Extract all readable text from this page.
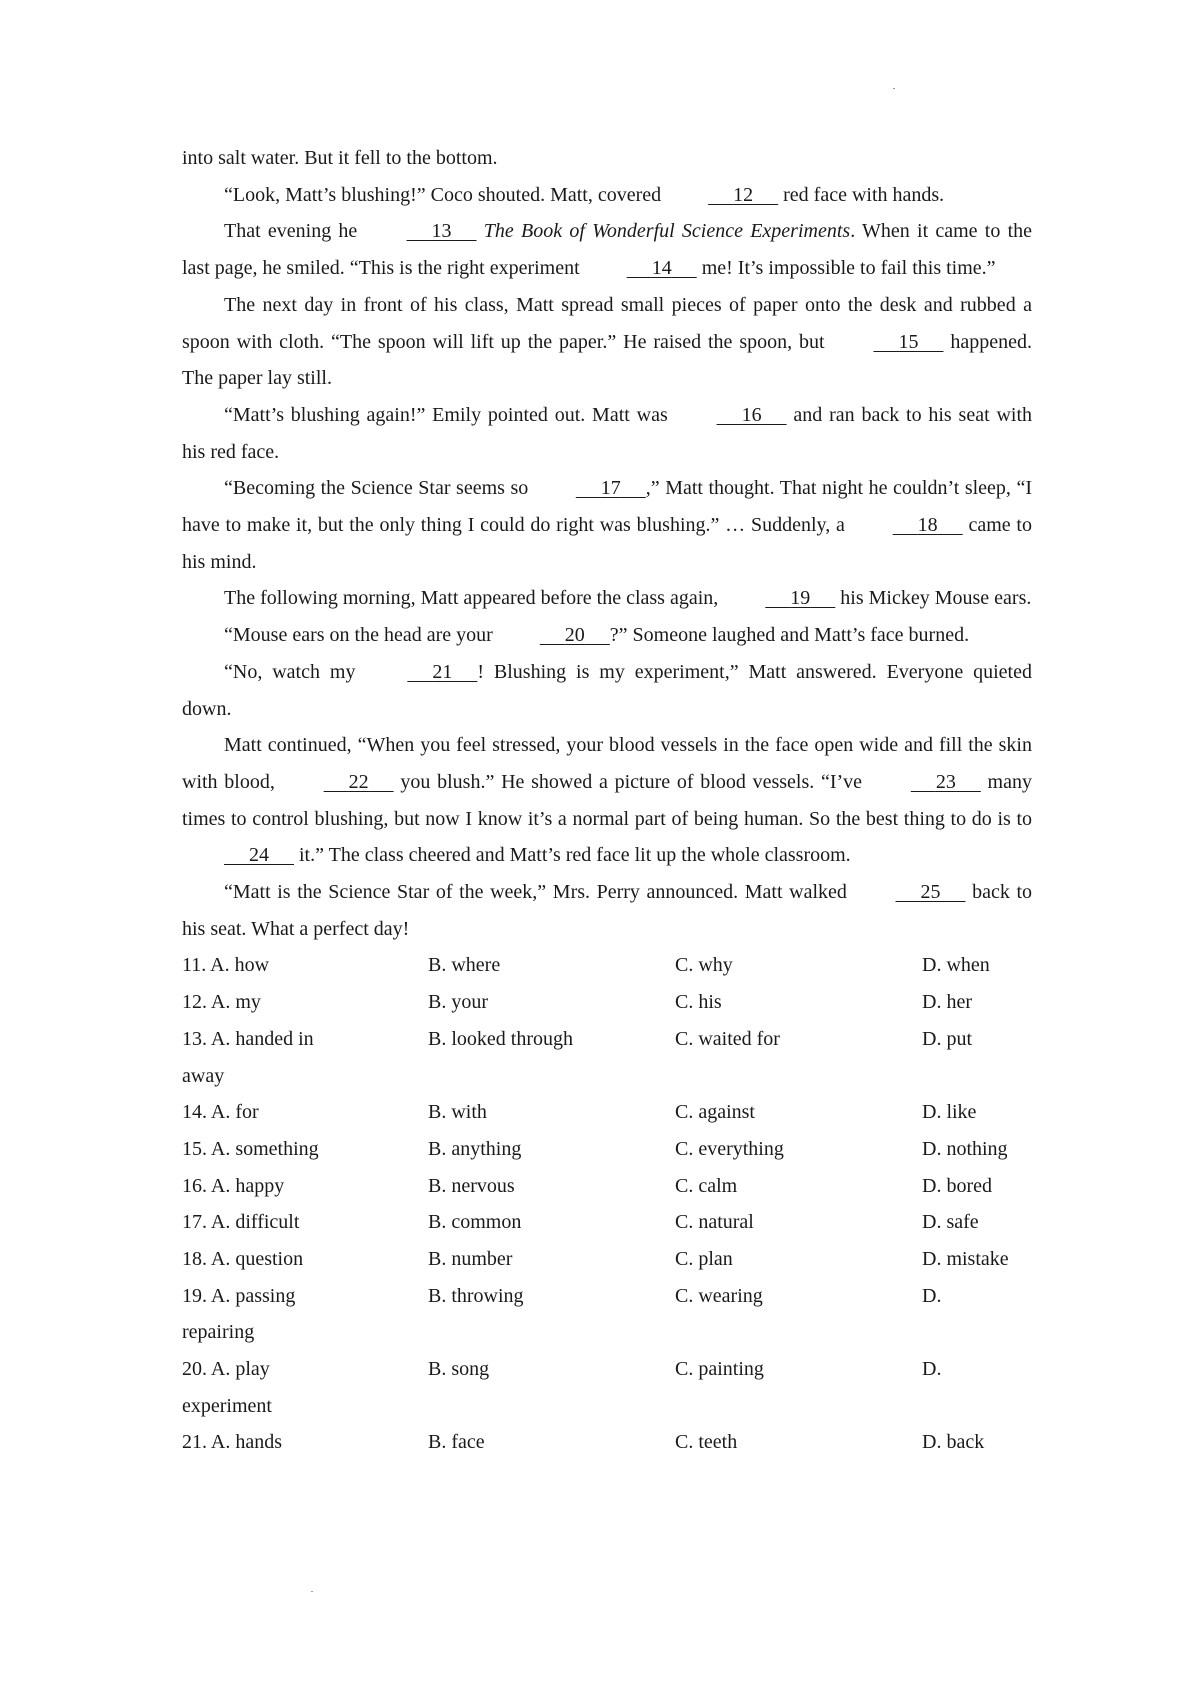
into salt water. But it fell to the bottom.

“Look, Matt’s blushing!” Coco shouted. Matt, covered	12      red face with hands.

That evening he	13 The Book of Wonderful Science Experiments. When it came to the last page, he smiled. “This is the right experiment	14      me! It’s impossible to fail this time.”

The next day in front of his class, Matt spread small pieces of paper onto the desk and rubbed a spoon with cloth. “The spoon will lift up the paper.” He raised the spoon, but	15      happened. The paper lay still.

“Matt’s blushing again!” Emily pointed out. Matt was	16      and ran back to his seat with his red face.

“Becoming the Science Star seems so	17 ,” Matt thought. That night he couldn’t sleep, “I have to make it, but the only thing I could do right was blushing.” … Suddenly, a	18      came to his mind.

The following morning, Matt appeared before the class again,	19      his Mickey Mouse ears.

“Mouse ears on the head are your	20 ?” Someone laughed and Matt’s face burned.

“No, watch my	21 ! Blushing is my experiment,” Matt answered. Everyone quieted down.

Matt continued, “When you feel stressed, your blood vessels in the face open wide and fill the skin with blood,	22      you blush.” He showed a picture of blood vessels. “I’ve	23      many times to control blushing, but now I know it’s a normal part of being human. So the best thing to do is to      24      it.” The class cheered and Matt’s red face lit up the whole classroom.

“Matt is the Science Star of the week,” Mrs. Perry announced. Matt walked	25      back to his seat. What a perfect day!

11. A. how	B. where	C. why	D. when
12. A. my	B. your	C. his	D. her
13. A. handed in	B. looked through	C. waited for	D. put
away
14. A. for	B. with	C. against	D. like
15. A. something	B. anything	C. everything	D. nothing
16. A. happy	B. nervous	C. calm	D. bored
17. A. difficult	B. common	C. natural	D. safe
18. A. question	B. number	C. plan	D. mistake
19. A. passing	B. throwing	C. wearing	D.
repairing
20. A. play	B. song	C. painting	D.
experiment
21. A. hands	B. face	C. teeth	D. back
